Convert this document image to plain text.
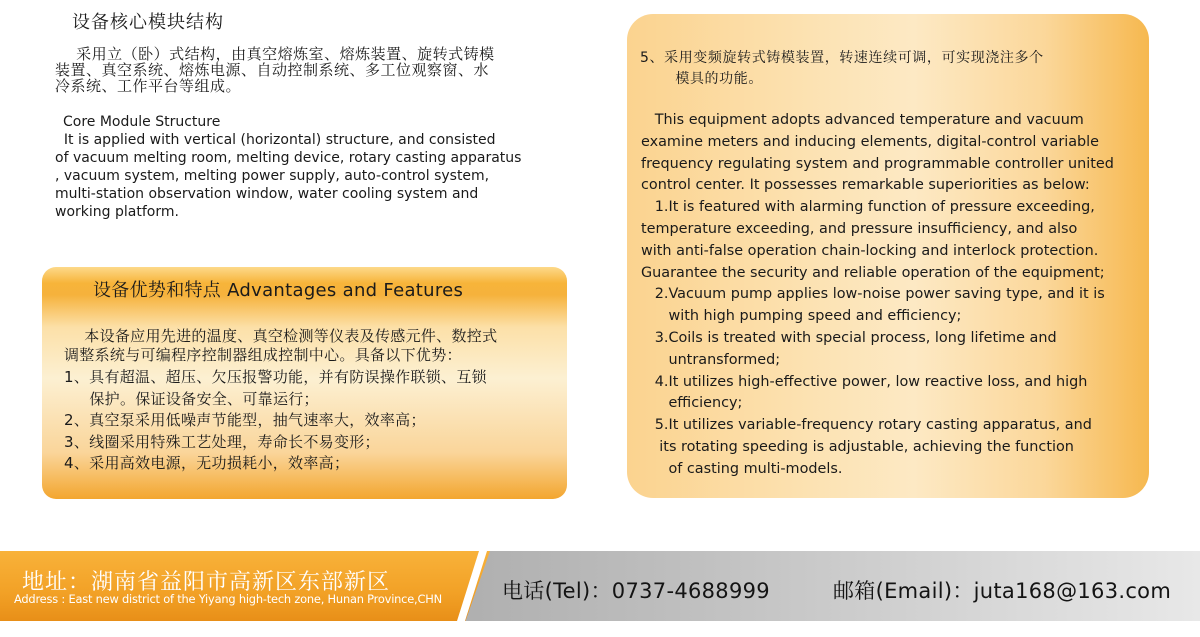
设备核心模块结构
采用立（卧）式结构，由真空熔炼室、熔炼装置、旋转式铸模
装置、真空系统、熔炼电源、自动控制系统、多工位观察窗、水
冷系统、工作平台等组成。
Core Module Structure
It is applied with vertical (horizontal) structure, and consisted
of vacuum melting room, melting device, rotary casting apparatus
, vacuum system, melting power supply, auto-control system,
multi-station observation window, water cooling system and
working platform.
设备优势和特点 Advantages and Features
本设备应用先进的温度、真空检测等仪表及传感元件、数控式
调整系统与可编程序控制器组成控制中心。具备以下优势：
1、具有超温、超压、欠压报警功能，并有防误操作联锁、互锁
保护。保证设备安全、可靠运行；
2、真空泵采用低噪声节能型，抽气速率大，效率高；
3、线圈采用特殊工艺处理，寿命长不易变形；
4、采用高效电源，无功损耗小，效率高；
5、采用变频旋转式铸模装置，转速连续可调，可实现浇注多个
模具的功能。
This equipment adopts advanced temperature and vacuum
examine meters and inducing elements, digital-control variable
frequency regulating system and programmable controller united
control center. It possesses remarkable superiorities as below:
1.It is featured with alarming function of pressure exceeding,
temperature exceeding, and pressure insufficiency, and also
with anti-false operation chain-locking and interlock protection.
Guarantee the security and reliable operation of the equipment;
2.Vacuum pump applies low-noise power saving type, and it is
with high pumping speed and efficiency;
3.Coils is treated with special process, long lifetime and
untransformed;
4.It utilizes high-effective power, low reactive loss, and high
efficiency;
5.It utilizes variable-frequency rotary casting apparatus, and
its rotating speeding is adjustable, achieving the function
of casting multi-models.
地址：湖南省益阳市高新区东部新区
Address : East new district of the Yiyang high-tech zone, Hunan Province,CHN	电话(Tel)：0737-4688999	邮箱(Email)：juta168@163.com
